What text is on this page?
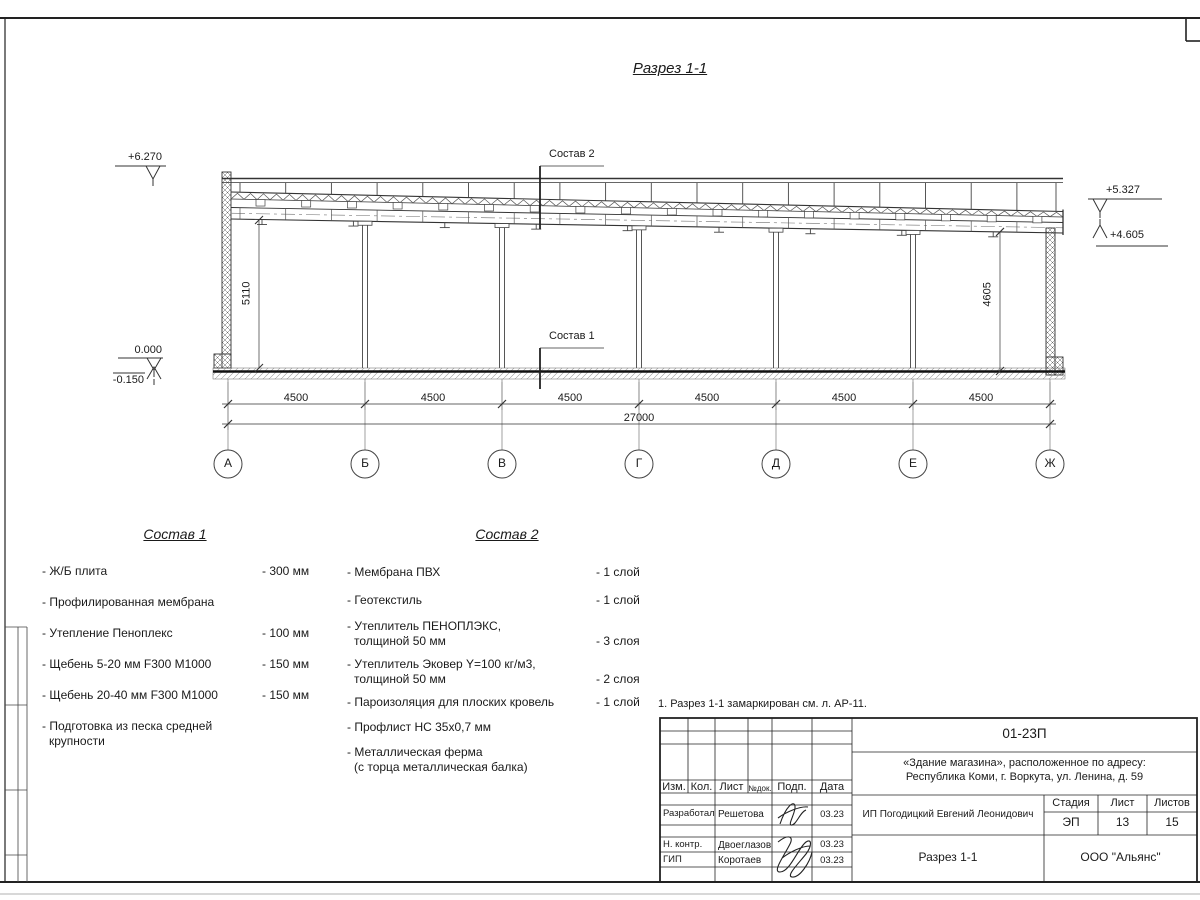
Разрез 1-1
+6.270
+5.327
+4.605
0.000
-0.150
Состав 2
Состав 1
5110	4605
4500	4500	4500	4500	4500	4500
27000
А	Б	В	Г	Д	Е	Ж
Состав 1
- Ж/Б плита	- 300 мм
- Профилированная мембрана
- Утепление Пеноплекс	- 100 мм
- Щебень 5-20 мм F300 М1000	- 150 мм
- Щебень 20-40 мм F300 М1000	- 150 мм
- Подготовка из песка средней
крупности
Состав 2
- Мембрана ПВХ	- 1 слой
- Геотекстиль	- 1 слой
- Утеплитель ПЕНОПЛЭКС,
толщиной 50 мм	- 3 слоя
- Утеплитель Эковер Y=100 кг/м3,
толщиной 50 мм	- 2 слоя
- Пароизоляция для плоских кровель	- 1 слой
- Профлист НС 35х0,7 мм
- Металлическая ферма
(с торца металлическая балка)
1. Разрез 1-1 замаркирован см. л. АР-11.
01-23П
«Здание магазина», расположенное по адресу:
Республика Коми, г. Воркута, ул. Ленина, д. 59
Изм. Кол. Лист №док. Подп.	Дата
Разработал Решетова	03.23
Н. контр. Двоеглазов	03.23
ГИП	Коротаев	03.23
ИП Погодицкий Евгений Леонидович
Стадия	Лист	Листов
ЭП	13	15
Разрез 1-1	ООО "Альянс"
